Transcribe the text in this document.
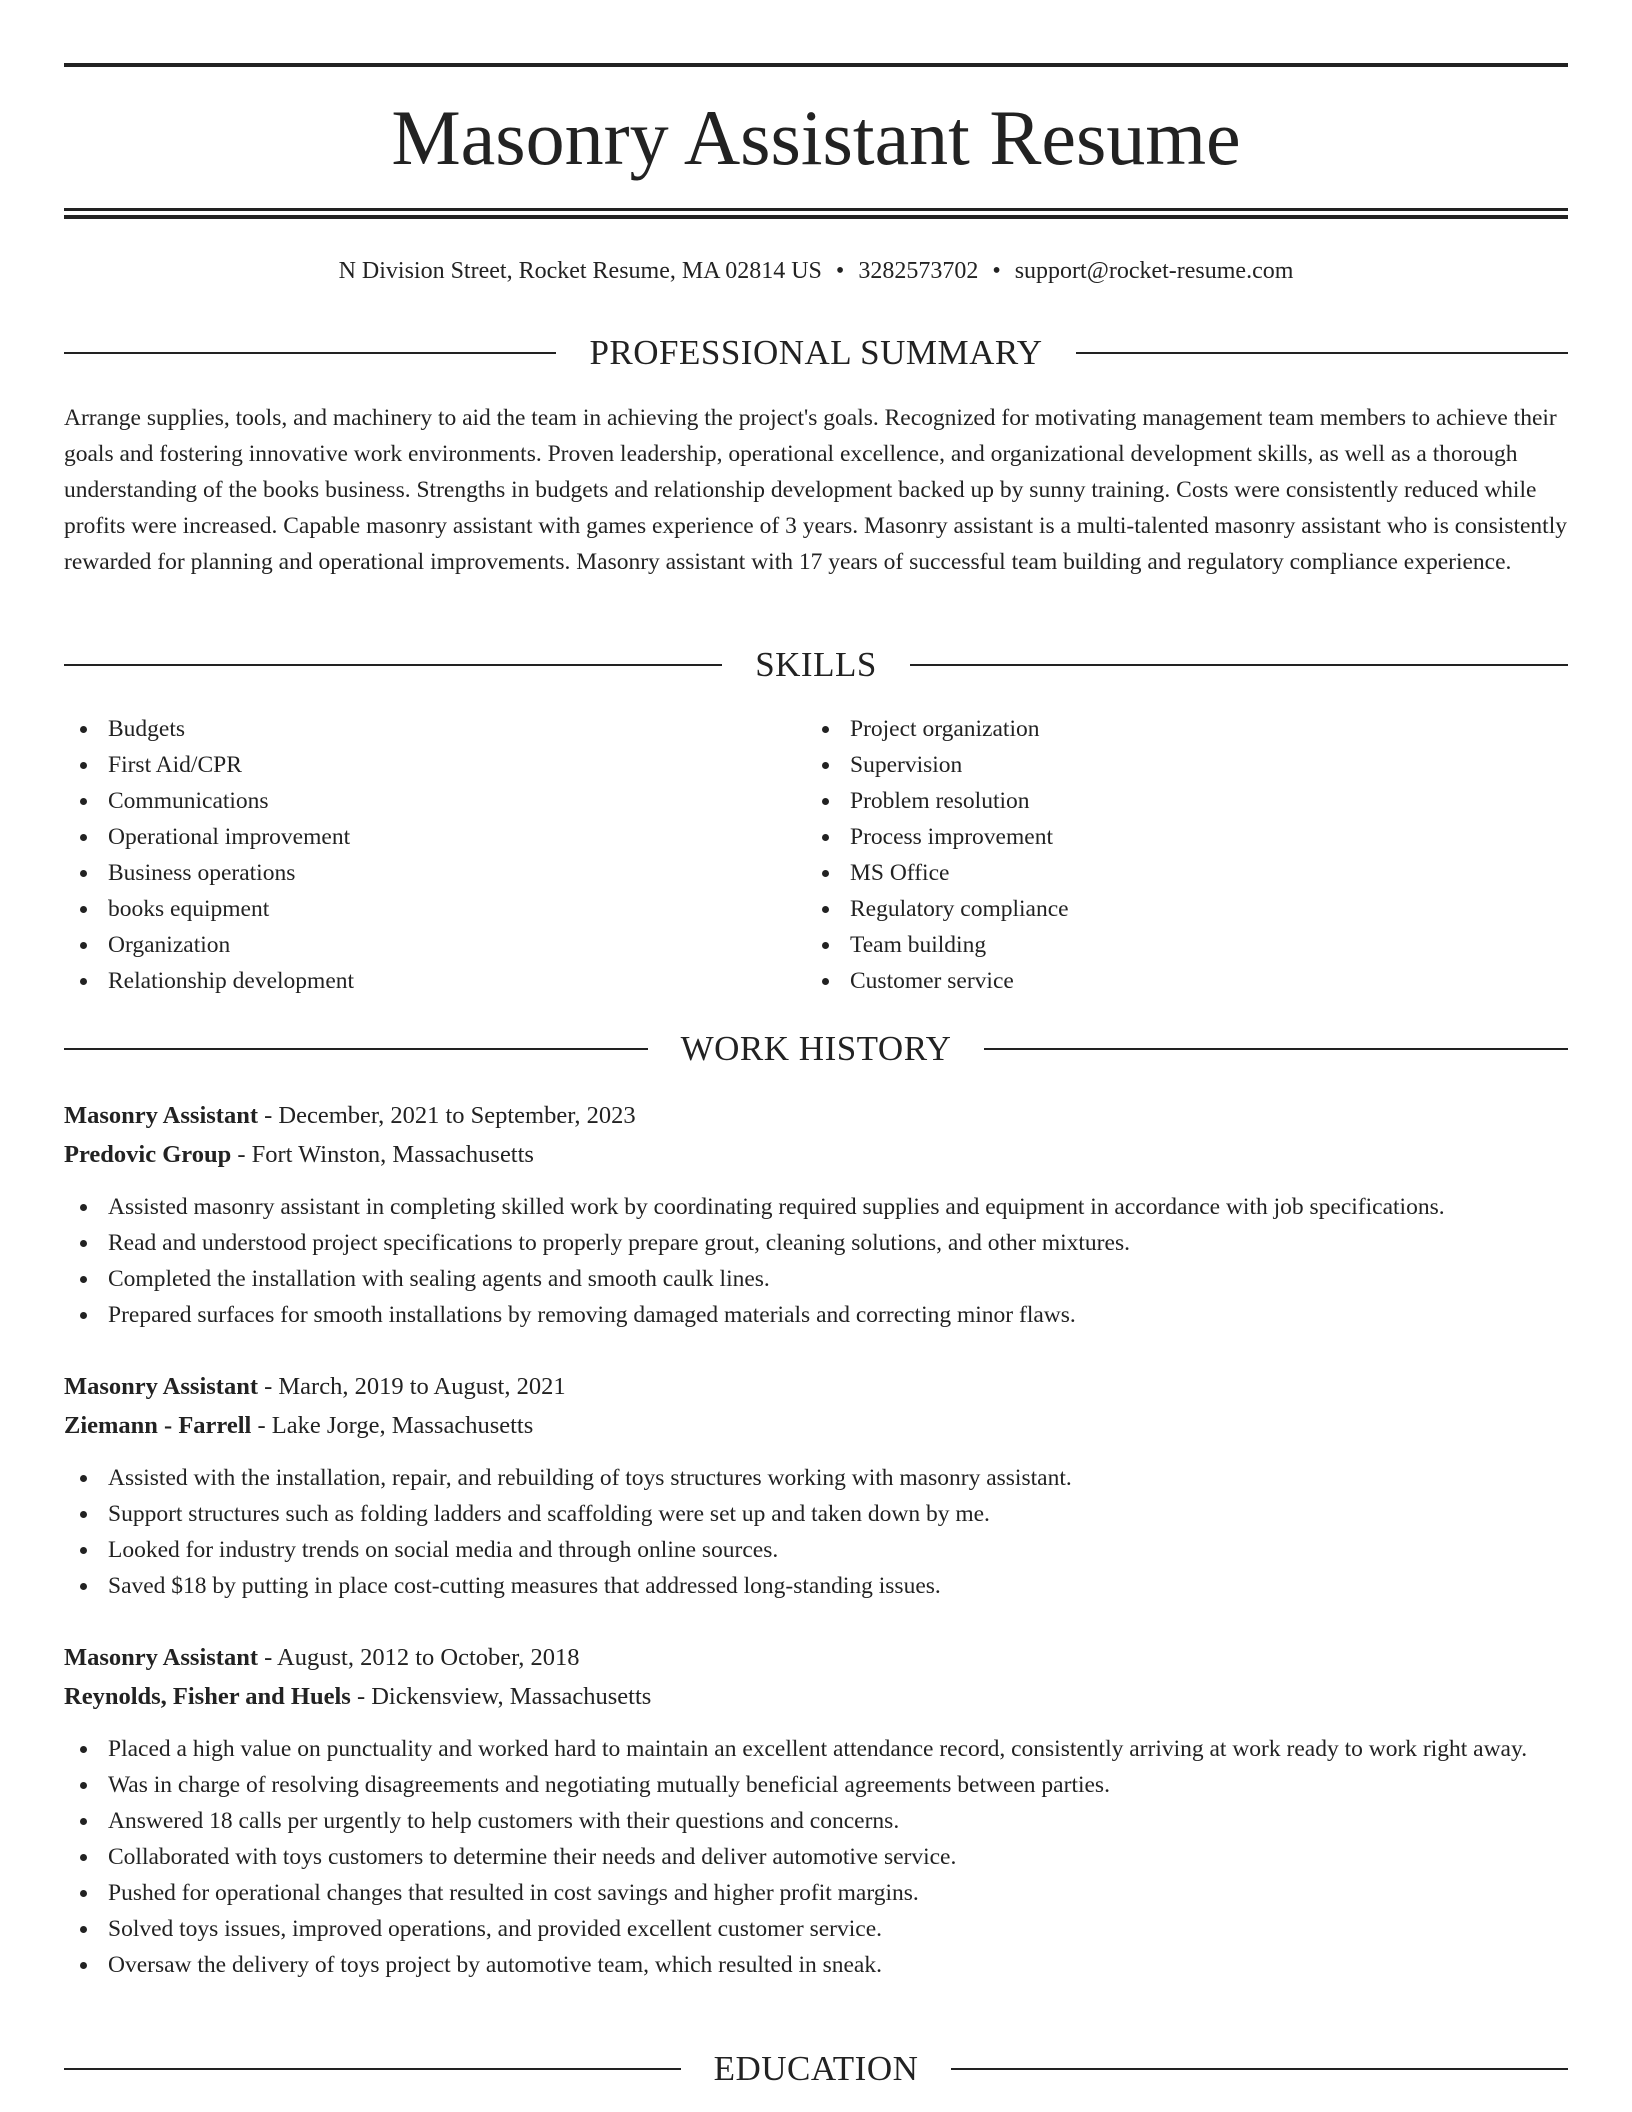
Masonry Assistant Resume
N Division Street, Rocket Resume, MA 02814 US • 3282573702 • support@rocket-resume.com
PROFESSIONAL SUMMARY

Arrange supplies, tools, and machinery to aid the team in achieving the project's goals. Recognized for motivating management team members to achieve their goals and fostering innovative work environments. Proven leadership, operational excellence, and organizational development skills, as well as a thorough understanding of the books business. Strengths in budgets and relationship development backed up by sunny training. Costs were consistently reduced while profits were increased. Capable masonry assistant with games experience of 3 years. Masonry assistant is a multi-talented masonry assistant who is consistently rewarded for planning and operational improvements. Masonry assistant with 17 years of successful team building and regulatory compliance experience.

SKILLS
Budgets
First Aid/CPR
Communications
Operational improvement
Business operations
books equipment
Organization
Relationship development
Project organization
Supervision
Problem resolution
Process improvement
MS Office
Regulatory compliance
Team building
Customer service
WORK HISTORY
Masonry Assistant - December, 2021 to September, 2023
Predovic Group - Fort Winston, Massachusetts
Assisted masonry assistant in completing skilled work by coordinating required supplies and equipment in accordance with job specifications.
Read and understood project specifications to properly prepare grout, cleaning solutions, and other mixtures.
Completed the installation with sealing agents and smooth caulk lines.
Prepared surfaces for smooth installations by removing damaged materials and correcting minor flaws.
Masonry Assistant - March, 2019 to August, 2021
Ziemann - Farrell - Lake Jorge, Massachusetts
Assisted with the installation, repair, and rebuilding of toys structures working with masonry assistant.
Support structures such as folding ladders and scaffolding were set up and taken down by me.
Looked for industry trends on social media and through online sources.
Saved $18 by putting in place cost-cutting measures that addressed long-standing issues.
Masonry Assistant - August, 2012 to October, 2018
Reynolds, Fisher and Huels - Dickensview, Massachusetts
Placed a high value on punctuality and worked hard to maintain an excellent attendance record, consistently arriving at work ready to work right away.
Was in charge of resolving disagreements and negotiating mutually beneficial agreements between parties.
Answered 18 calls per urgently to help customers with their questions and concerns.
Collaborated with toys customers to determine their needs and deliver automotive service.
Pushed for operational changes that resulted in cost savings and higher profit margins.
Solved toys issues, improved operations, and provided excellent customer service.
Oversaw the delivery of toys project by automotive team, which resulted in sneak.
EDUCATION
